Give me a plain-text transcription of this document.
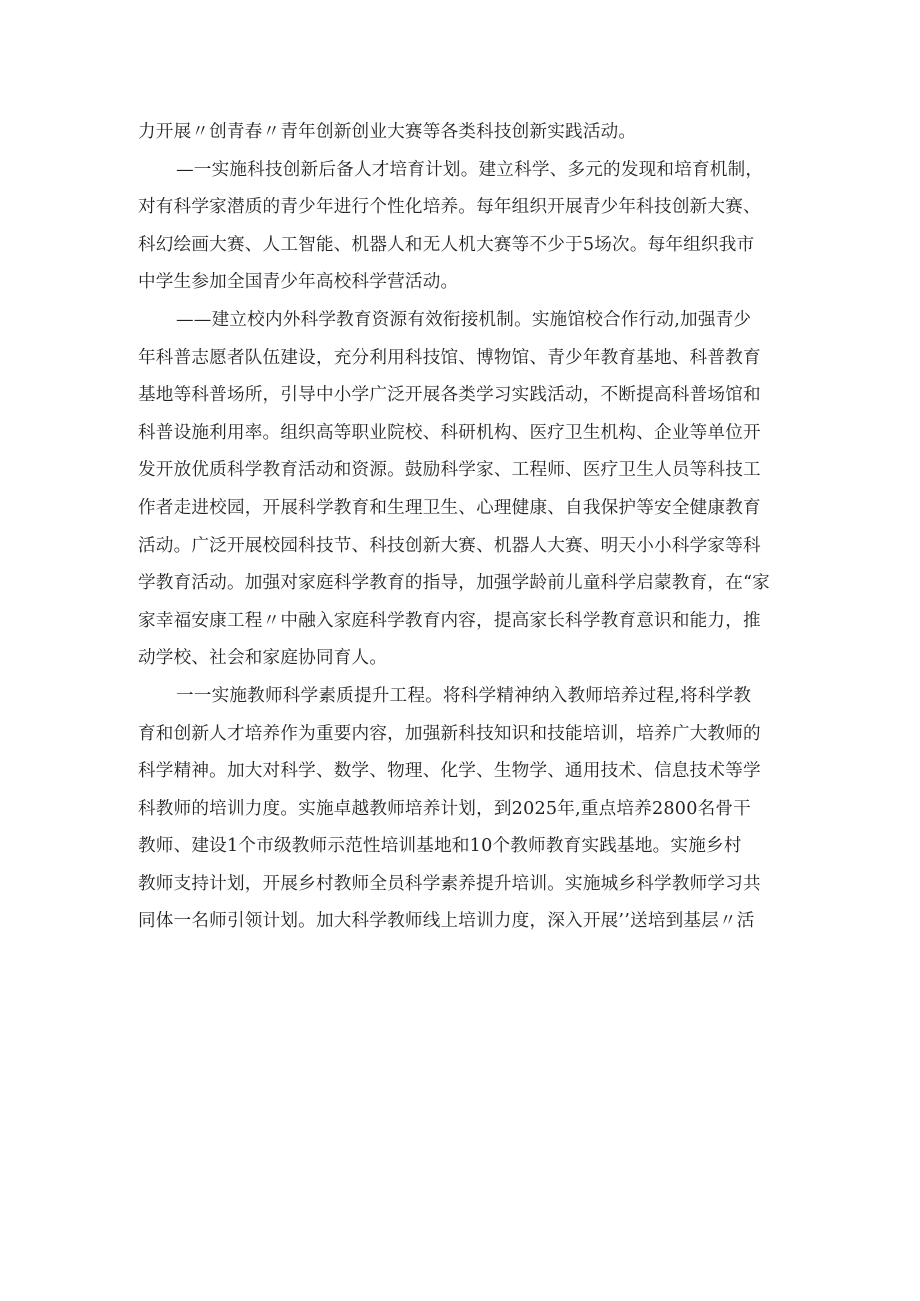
力开展〃创青春〃青年创新创业大赛等各类科技创新实践活动。
—一实施科技创新后备人才培育计划。建立科学、多元的发现和培育机制，
对有科学家潜质的青少年进行个性化培养。每年组织开展青少年科技创新大赛、
科幻绘画大赛、人工智能、机器人和无人机大赛等不少于5场次。每年组织我市
中学生参加全国青少年高校科学营活动。
——建立校内外科学教育资源有效衔接机制。实施馆校合作行动,加强青少
年科普志愿者队伍建设，充分利用科技馆、博物馆、青少年教育基地、科普教育
基地等科普场所，引导中小学广泛开展各类学习实践活动，不断提高科普场馆和
科普设施利用率。组织高等职业院校、科研机构、医疗卫生机构、企业等单位开
发开放优质科学教育活动和资源。鼓励科学家、工程师、医疗卫生人员等科技工
作者走进校园，开展科学教育和生理卫生、心理健康、自我保护等安全健康教育
活动。广泛开展校园科技节、科技创新大赛、机器人大赛、明天小小科学家等科
学教育活动。加强对家庭科学教育的指导，加强学龄前儿童科学启蒙教育，在“家
家幸福安康工程〃中融入家庭科学教育内容，提高家长科学教育意识和能力，推
动学校、社会和家庭协同育人。
一一实施教师科学素质提升工程。将科学精神纳入教师培养过程,将科学教
育和创新人才培养作为重要内容，加强新科技知识和技能培训，培养广大教师的
科学精神。加大对科学、数学、物理、化学、生物学、通用技术、信息技术等学
科教师的培训力度。实施卓越教师培养计划，到2025年,重点培养2800名骨干
教师、建设1个市级教师示范性培训基地和10个教师教育实践基地。实施乡村
教师支持计划，开展乡村教师全员科学素养提升培训。实施城乡科学教师学习共
同体一名师引领计划。加大科学教师线上培训力度，深入开展’’送培到基层〃活
